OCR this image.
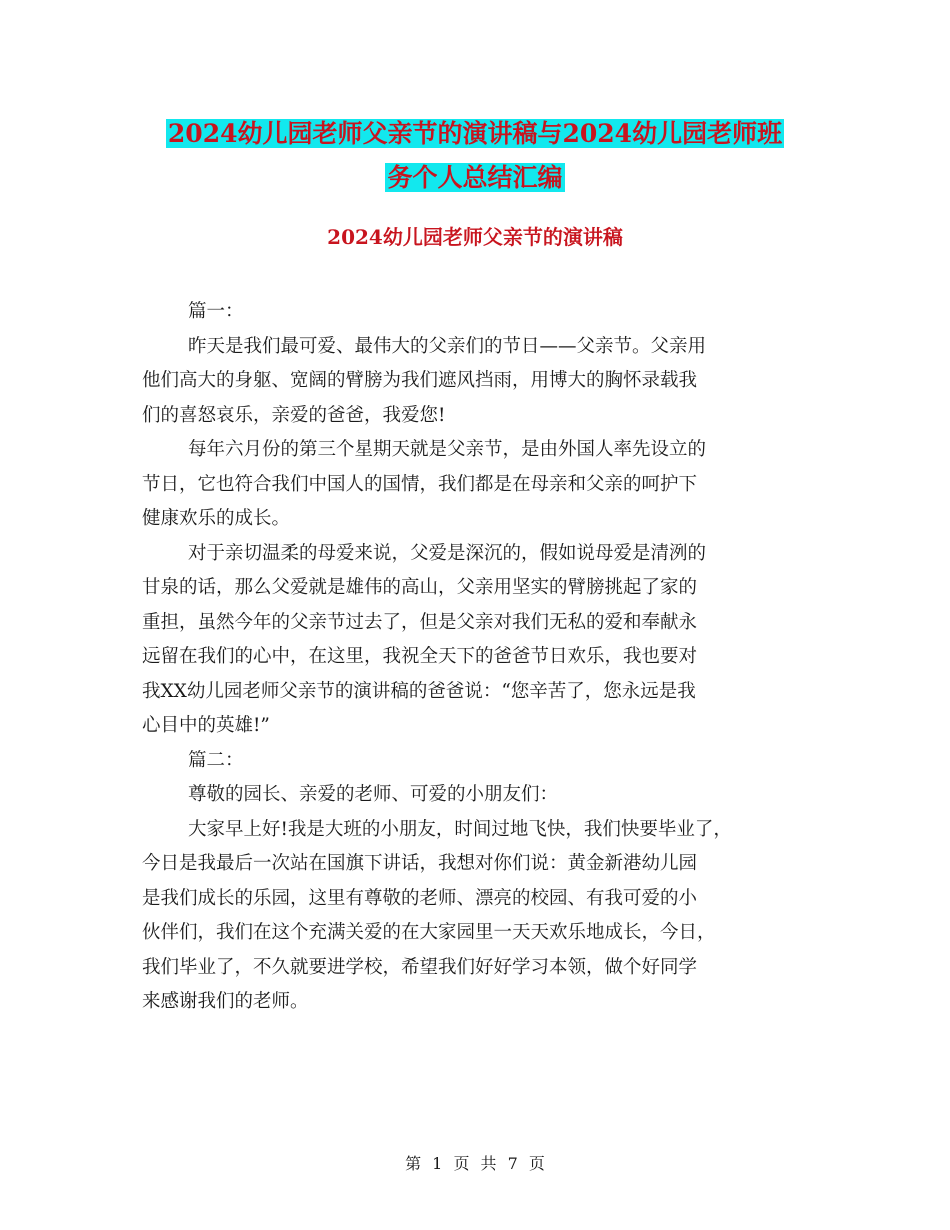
2024幼儿园老师父亲节的演讲稿与2024幼儿园老师班
务个人总结汇编
2024幼儿园老师父亲节的演讲稿
篇一：
昨天是我们最可爱、最伟大的父亲们的节日——父亲节。父亲用
他们高大的身躯、宽阔的臂膀为我们遮风挡雨，用博大的胸怀录载我
们的喜怒哀乐，亲爱的爸爸，我爱您!
每年六月份的第三个星期天就是父亲节，是由外国人率先设立的
节日，它也符合我们中国人的国情，我们都是在母亲和父亲的呵护下
健康欢乐的成长。
对于亲切温柔的母爱来说，父爱是深沉的，假如说母爱是清洌的
甘泉的话，那么父爱就是雄伟的高山，父亲用坚实的臂膀挑起了家的
重担，虽然今年的父亲节过去了，但是父亲对我们无私的爱和奉献永
远留在我们的心中，在这里，我祝全天下的爸爸节日欢乐，我也要对
我XX幼儿园老师父亲节的演讲稿的爸爸说：“您辛苦了，您永远是我
心目中的英雄!”
篇二：
尊敬的园长、亲爱的老师、可爱的小朋友们：
大家早上好!我是大班的小朋友，时间过地飞快，我们快要毕业了，
今日是我最后一次站在国旗下讲话，我想对你们说：黄金新港幼儿园
是我们成长的乐园，这里有尊敬的老师、漂亮的校园、有我可爱的小
伙伴们，我们在这个充满关爱的在大家园里一天天欢乐地成长，今日，
我们毕业了，不久就要进学校，希望我们好好学习本领，做个好同学
来感谢我们的老师。
第 1 页 共 7 页
